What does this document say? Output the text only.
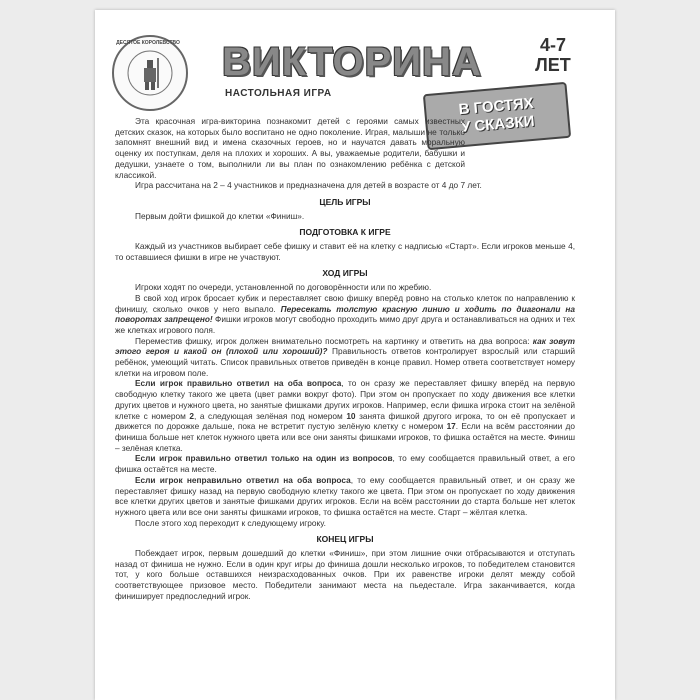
ДЕСЯТОЕ КОРОЛЕВСТВО ВИКТОРИНА
НАСТОЛЬНАЯ ИГРА
4-7
ЛЕТ
В ГОСТЯХ
У СКАЗКИ

Эта красочная игра-викторина познакомит детей с героями самых известных детских сказок, на которых было воспитано не одно поколение. Играя, малыши не только запомнят внешний вид и имена сказочных героев, но и научатся давать моральную оценку их поступкам, деля на плохих и хороших. А вы, уважаемые родители, бабушки и дедушки, узнаете о том, выполнили ли вы план по ознакомлению ребёнка с детской классикой.

Игра рассчитана на 2 – 4 участников и предназначена для детей в возрасте от 4 до 7 лет.

ЦЕЛЬ ИГРЫ

Первым дойти фишкой до клетки «Финиш».

ПОДГОТОВКА К ИГРЕ

Каждый из участников выбирает себе фишку и ставит её на клетку с надписью «Старт». Если игроков меньше 4, то оставшиеся фишки в игре не участвуют.

ХОД ИГРЫ

Игроки ходят по очереди, установленной по договорённости или по жребию.

В свой ход игрок бросает кубик и переставляет свою фишку вперёд ровно на столько клеток по направлению к финишу, сколько очков у него выпало. Пересекать толстую красную линию и ходить по диагонали на поворотах запрещено! Фишки игроков могут свободно проходить мимо друг друга и останавливаться на одних и тех же клетках игрового поля.

Переместив фишку, игрок должен внимательно посмотреть на картинку и ответить на два вопроса: как зовут этого героя и какой он (плохой или хороший)? Правильность ответов контролирует взрослый или старший ребёнок, умеющий читать. Список правильных ответов приведён в конце правил. Номер ответа соответствует номеру клетки на игровом поле.

Если игрок правильно ответил на оба вопроса, то он сразу же переставляет фишку вперёд на первую свободную клетку такого же цвета (цвет рамки вокруг фото). При этом он пропускает по ходу движения все клетки других цветов и нужного цвета, но занятые фишками других игроков. Например, если фишка игрока стоит на зелёной клетке с номером 2, а следующая зелёная под номером 10 занята фишкой другого игрока, то он её пропускает и движется по дорожке дальше, пока не встретит пустую зелёную клетку с номером 17. Если на всём расстоянии до финиша больше нет клеток нужного цвета или все они заняты фишками игроков, то фишка остаётся на месте. Финиш – зелёная клетка.

Если игрок правильно ответил только на один из вопросов, то ему сообщается правильный ответ, а его фишка остаётся на месте.

Если игрок неправильно ответил на оба вопроса, то ему сообщается правильный ответ, и он сразу же переставляет фишку назад на первую свободную клетку такого же цвета. При этом он пропускает по ходу движения все клетки других цветов и занятые фишками других игроков. Если на всём расстоянии до старта больше нет клеток нужного цвета или все они заняты фишками игроков, то фишка остаётся на месте. Старт – жёлтая клетка.

После этого ход переходит к следующему игроку.

КОНЕЦ ИГРЫ

Побеждает игрок, первым дошедший до клетки «Финиш», при этом лишние очки отбрасываются и отступать назад от финиша не нужно. Если в один круг игры до финиша дошли несколько игроков, то победителем становится тот, у кого больше оставшихся неизрасходованных очков. При их равенстве игроки делят между собой соответствующее призовое место. Победители занимают места на пьедестале. Игра заканчивается, когда финиширует предпоследний игрок.
